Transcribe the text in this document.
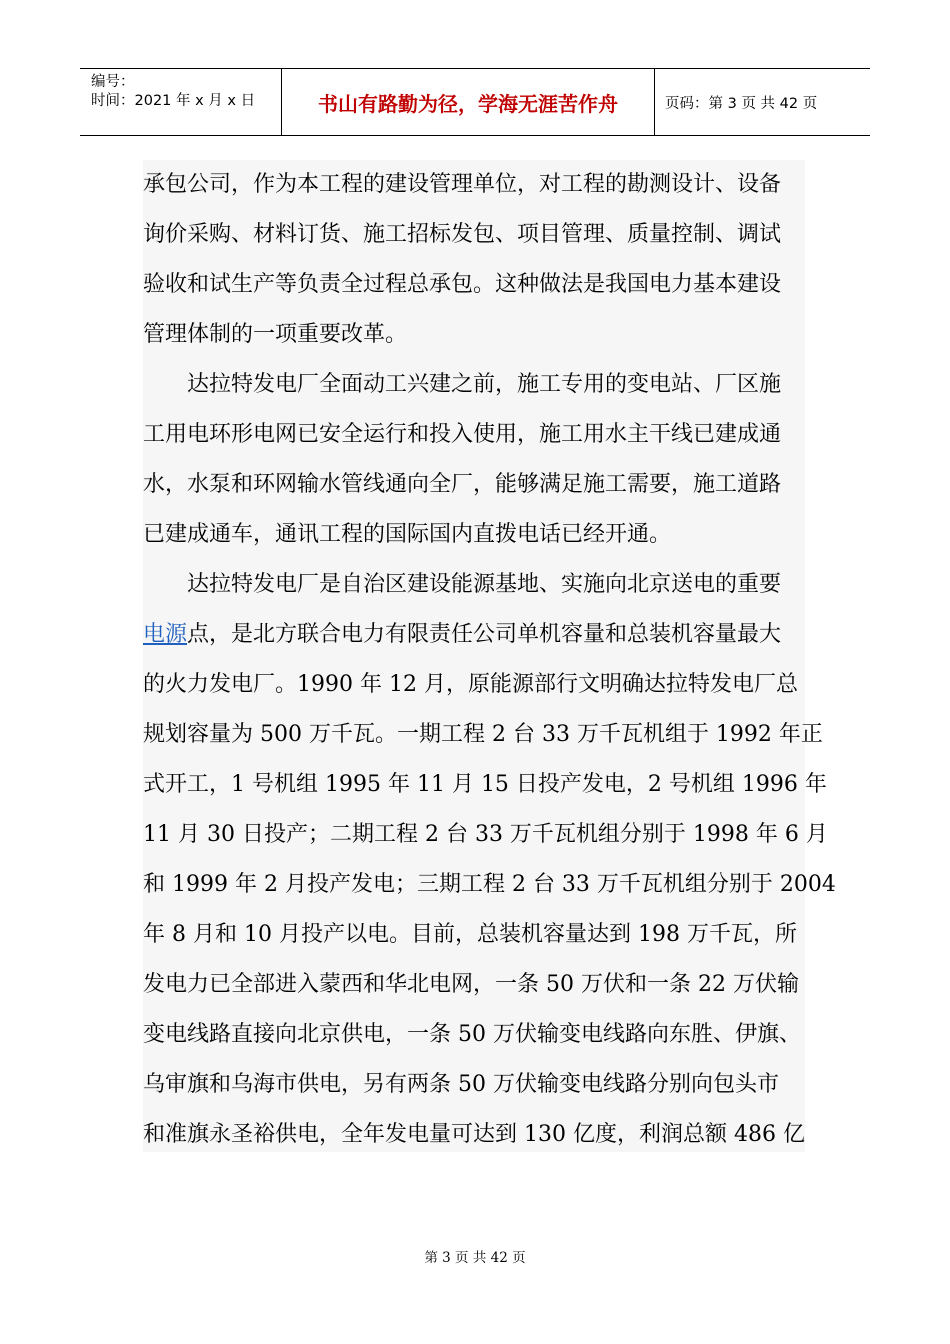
编号：
时间：2021 年 x 月 x 日	书山有路勤为径，学海无涯苦作舟	页码：第 3 页 共 42 页
承包公司，作为本工程的建设管理单位，对工程的勘测设计、设备
询价采购、材料订货、施工招标发包、项目管理、质量控制、调试
验收和试生产等负责全过程总承包。这种做法是我国电力基本建设
管理体制的一项重要改革。
达拉特发电厂全面动工兴建之前，施工专用的变电站、厂区施
工用电环形电网已安全运行和投入使用，施工用水主干线已建成通
水，水泵和环网输水管线通向全厂，能够满足施工需要，施工道路
已建成通车，通讯工程的国际国内直拨电话已经开通。
达拉特发电厂是自治区建设能源基地、实施向北京送电的重要
电源点，是北方联合电力有限责任公司单机容量和总装机容量最大
的火力发电厂。1990 年 12 月，原能源部行文明确达拉特发电厂总
规划容量为 500 万千瓦。一期工程 2 台 33 万千瓦机组于 1992 年正
式开工，1 号机组 1995 年 11 月 15 日投产发电，2 号机组 1996 年
11 月 30 日投产；二期工程 2 台 33 万千瓦机组分别于 1998 年 6 月
和 1999 年 2 月投产发电；三期工程 2 台 33 万千瓦机组分别于 2004
年 8 月和 10 月投产以电。目前，总装机容量达到 198 万千瓦，所
发电力已全部进入蒙西和华北电网，一条 50 万伏和一条 22 万伏输
变电线路直接向北京供电，一条 50 万伏输变电线路向东胜、伊旗、
乌审旗和乌海市供电，另有两条 50 万伏输变电线路分别向包头市
和准旗永圣裕供电，全年发电量可达到 130 亿度，利润总额 486 亿
第 3 页 共 42 页
